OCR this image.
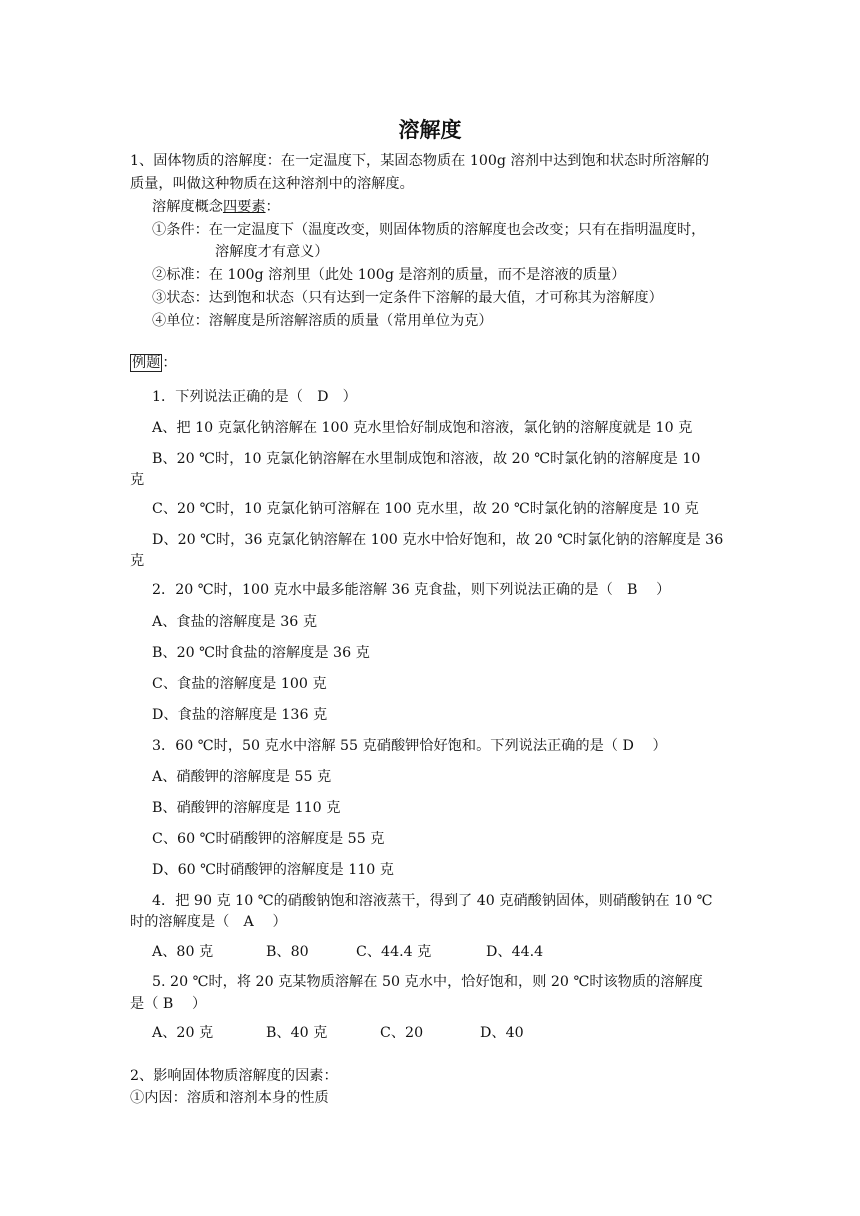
溶解度
1、固体物质的溶解度：在一定温度下，某固态物质在 100g 溶剂中达到饱和状态时所溶解的
质量，叫做这种物质在这种溶剂中的溶解度。
溶解度概念四要素：
①条件：在一定温度下（温度改变，则固体物质的溶解度也会改变；只有在指明温度时，
溶解度才有意义）
②标准：在 100g 溶剂里（此处 100g 是溶剂的质量，而不是溶液的质量）
③状态：达到饱和状态（只有达到一定条件下溶解的最大值，才可称其为溶解度）
④单位：溶解度是所溶解溶质的质量（常用单位为克）
例题 ：
1．下列说法正确的是（　D　）
A、把 10 克氯化钠溶解在 100 克水里恰好制成饱和溶液，氯化钠的溶解度就是 10 克
B、20 ℃时，10 克氯化钠溶解在水里制成饱和溶液，故 20 ℃时氯化钠的溶解度是 10
克
C、20 ℃时，10 克氯化钠可溶解在 100 克水里，故 20 ℃时氯化钠的溶解度是 10 克
D、20 ℃时，36 克氯化钠溶解在 100 克水中恰好饱和，故 20 ℃时氯化钠的溶解度是 36
克
2．20 ℃时，100 克水中最多能溶解 36 克食盐，则下列说法正确的是（　B　 ）
A、食盐的溶解度是 36 克
B、20 ℃时食盐的溶解度是 36 克
C、食盐的溶解度是 100 克
D、食盐的溶解度是 136 克
3．60 ℃时，50 克水中溶解 55 克硝酸钾恰好饱和。下列说法正确的是（ D　 ）
A、硝酸钾的溶解度是 55 克
B、硝酸钾的溶解度是 110 克
C、60 ℃时硝酸钾的溶解度是 55 克
D、60 ℃时硝酸钾的溶解度是 110 克
4．把 90 克 10 ℃的硝酸钠饱和溶液蒸干，得到了 40 克硝酸钠固体，则硝酸钠在 10 ℃
时的溶解度是（　A　 ）
A、80 克	B、80	C、44.4 克	D、44.4
5. 20 ℃时，将 20 克某物质溶解在 50 克水中，恰好饱和，则 20 ℃时该物质的溶解度
是（ B　 ）
A、20 克	B、40 克	C、20	D、40
2、影响固体物质溶解度的因素：
①内因：溶质和溶剂本身的性质
